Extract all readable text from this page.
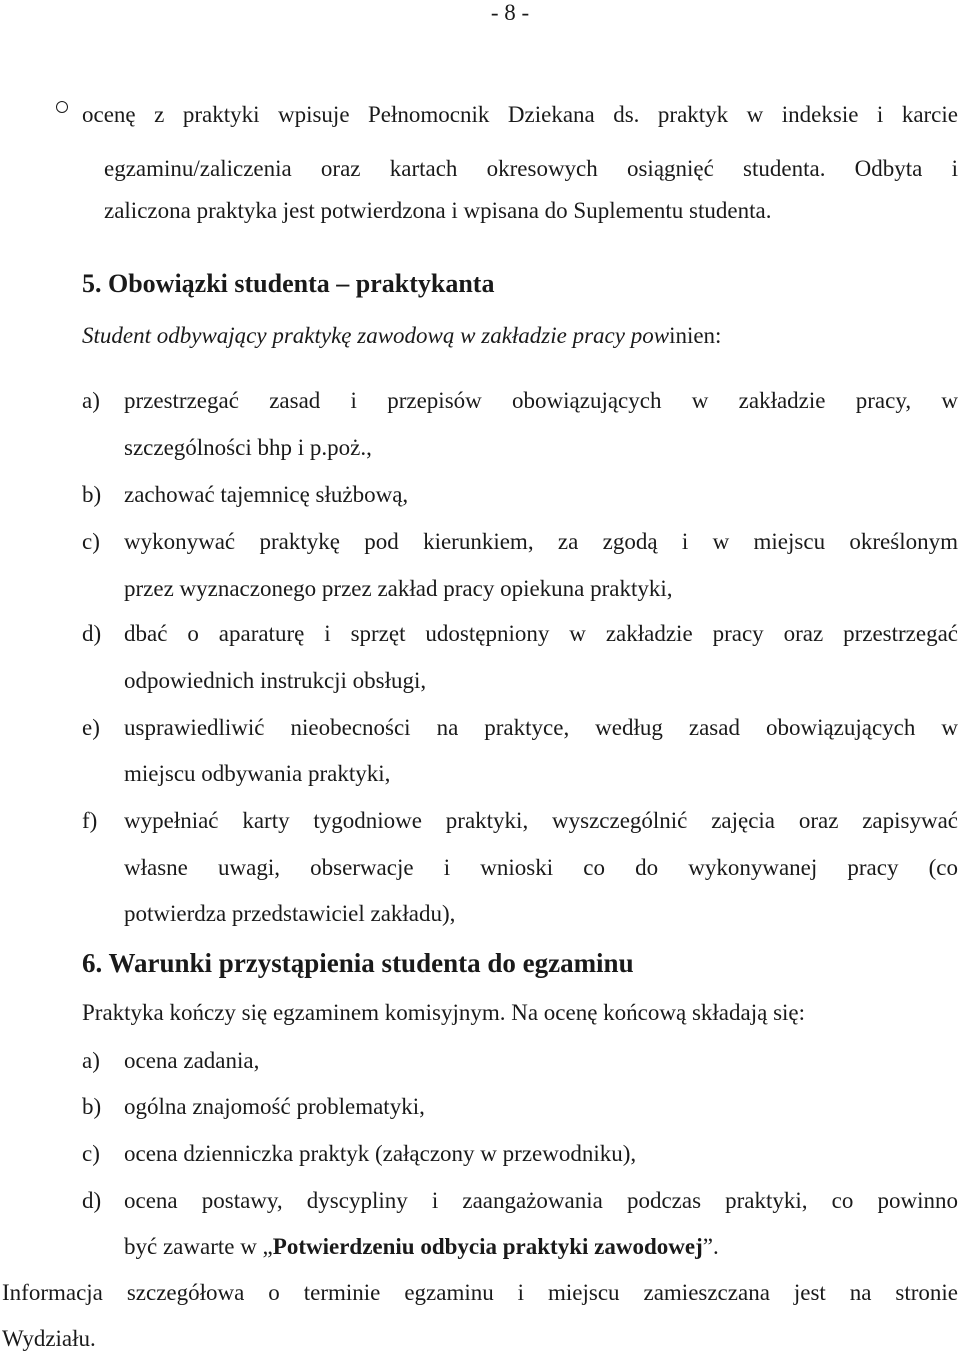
- 8 -
ocenę z praktyki wpisuje Pełnomocnik Dziekana ds. praktyk w indeksie i karcie
egzaminu/zaliczenia oraz kartach okresowych osiągnięć studenta. Odbyta i
zaliczona praktyka jest potwierdzona i wpisana do Suplementu studenta.
5. Obowiązki studenta – praktykanta
Student odbywający praktykę zawodową w zakładzie pracy powinien:
a) przestrzegać zasad i przepisów obowiązujących w zakładzie pracy, w
szczególności bhp i p.poż.,
b) zachować tajemnicę służbową,
c) wykonywać praktykę pod kierunkiem, za zgodą i w miejscu określonym
przez wyznaczonego przez zakład pracy opiekuna praktyki,
d) dbać o aparaturę i sprzęt udostępniony w zakładzie pracy oraz przestrzegać
odpowiednich instrukcji obsługi,
e) usprawiedliwić nieobecności na praktyce, według zasad obowiązujących w
miejscu odbywania praktyki,
f) wypełniać karty tygodniowe praktyki, wyszczególnić zajęcia oraz zapisywać
własne uwagi, obserwacje i wnioski co do wykonywanej pracy (co
potwierdza przedstawiciel zakładu),
6. Warunki przystąpienia studenta do egzaminu
Praktyka kończy się egzaminem komisyjnym. Na ocenę końcową składają się:
a) ocena zadania,
b) ogólna znajomość problematyki,
c) ocena dzienniczka praktyk (załączony w przewodniku),
d) ocena postawy, dyscypliny i zaangażowania podczas praktyki, co powinno
być zawarte w „Potwierdzeniu odbycia praktyki zawodowej”.
Informacja szczegółowa o terminie egzaminu i miejscu zamieszczana jest na stronie
Wydziału.
